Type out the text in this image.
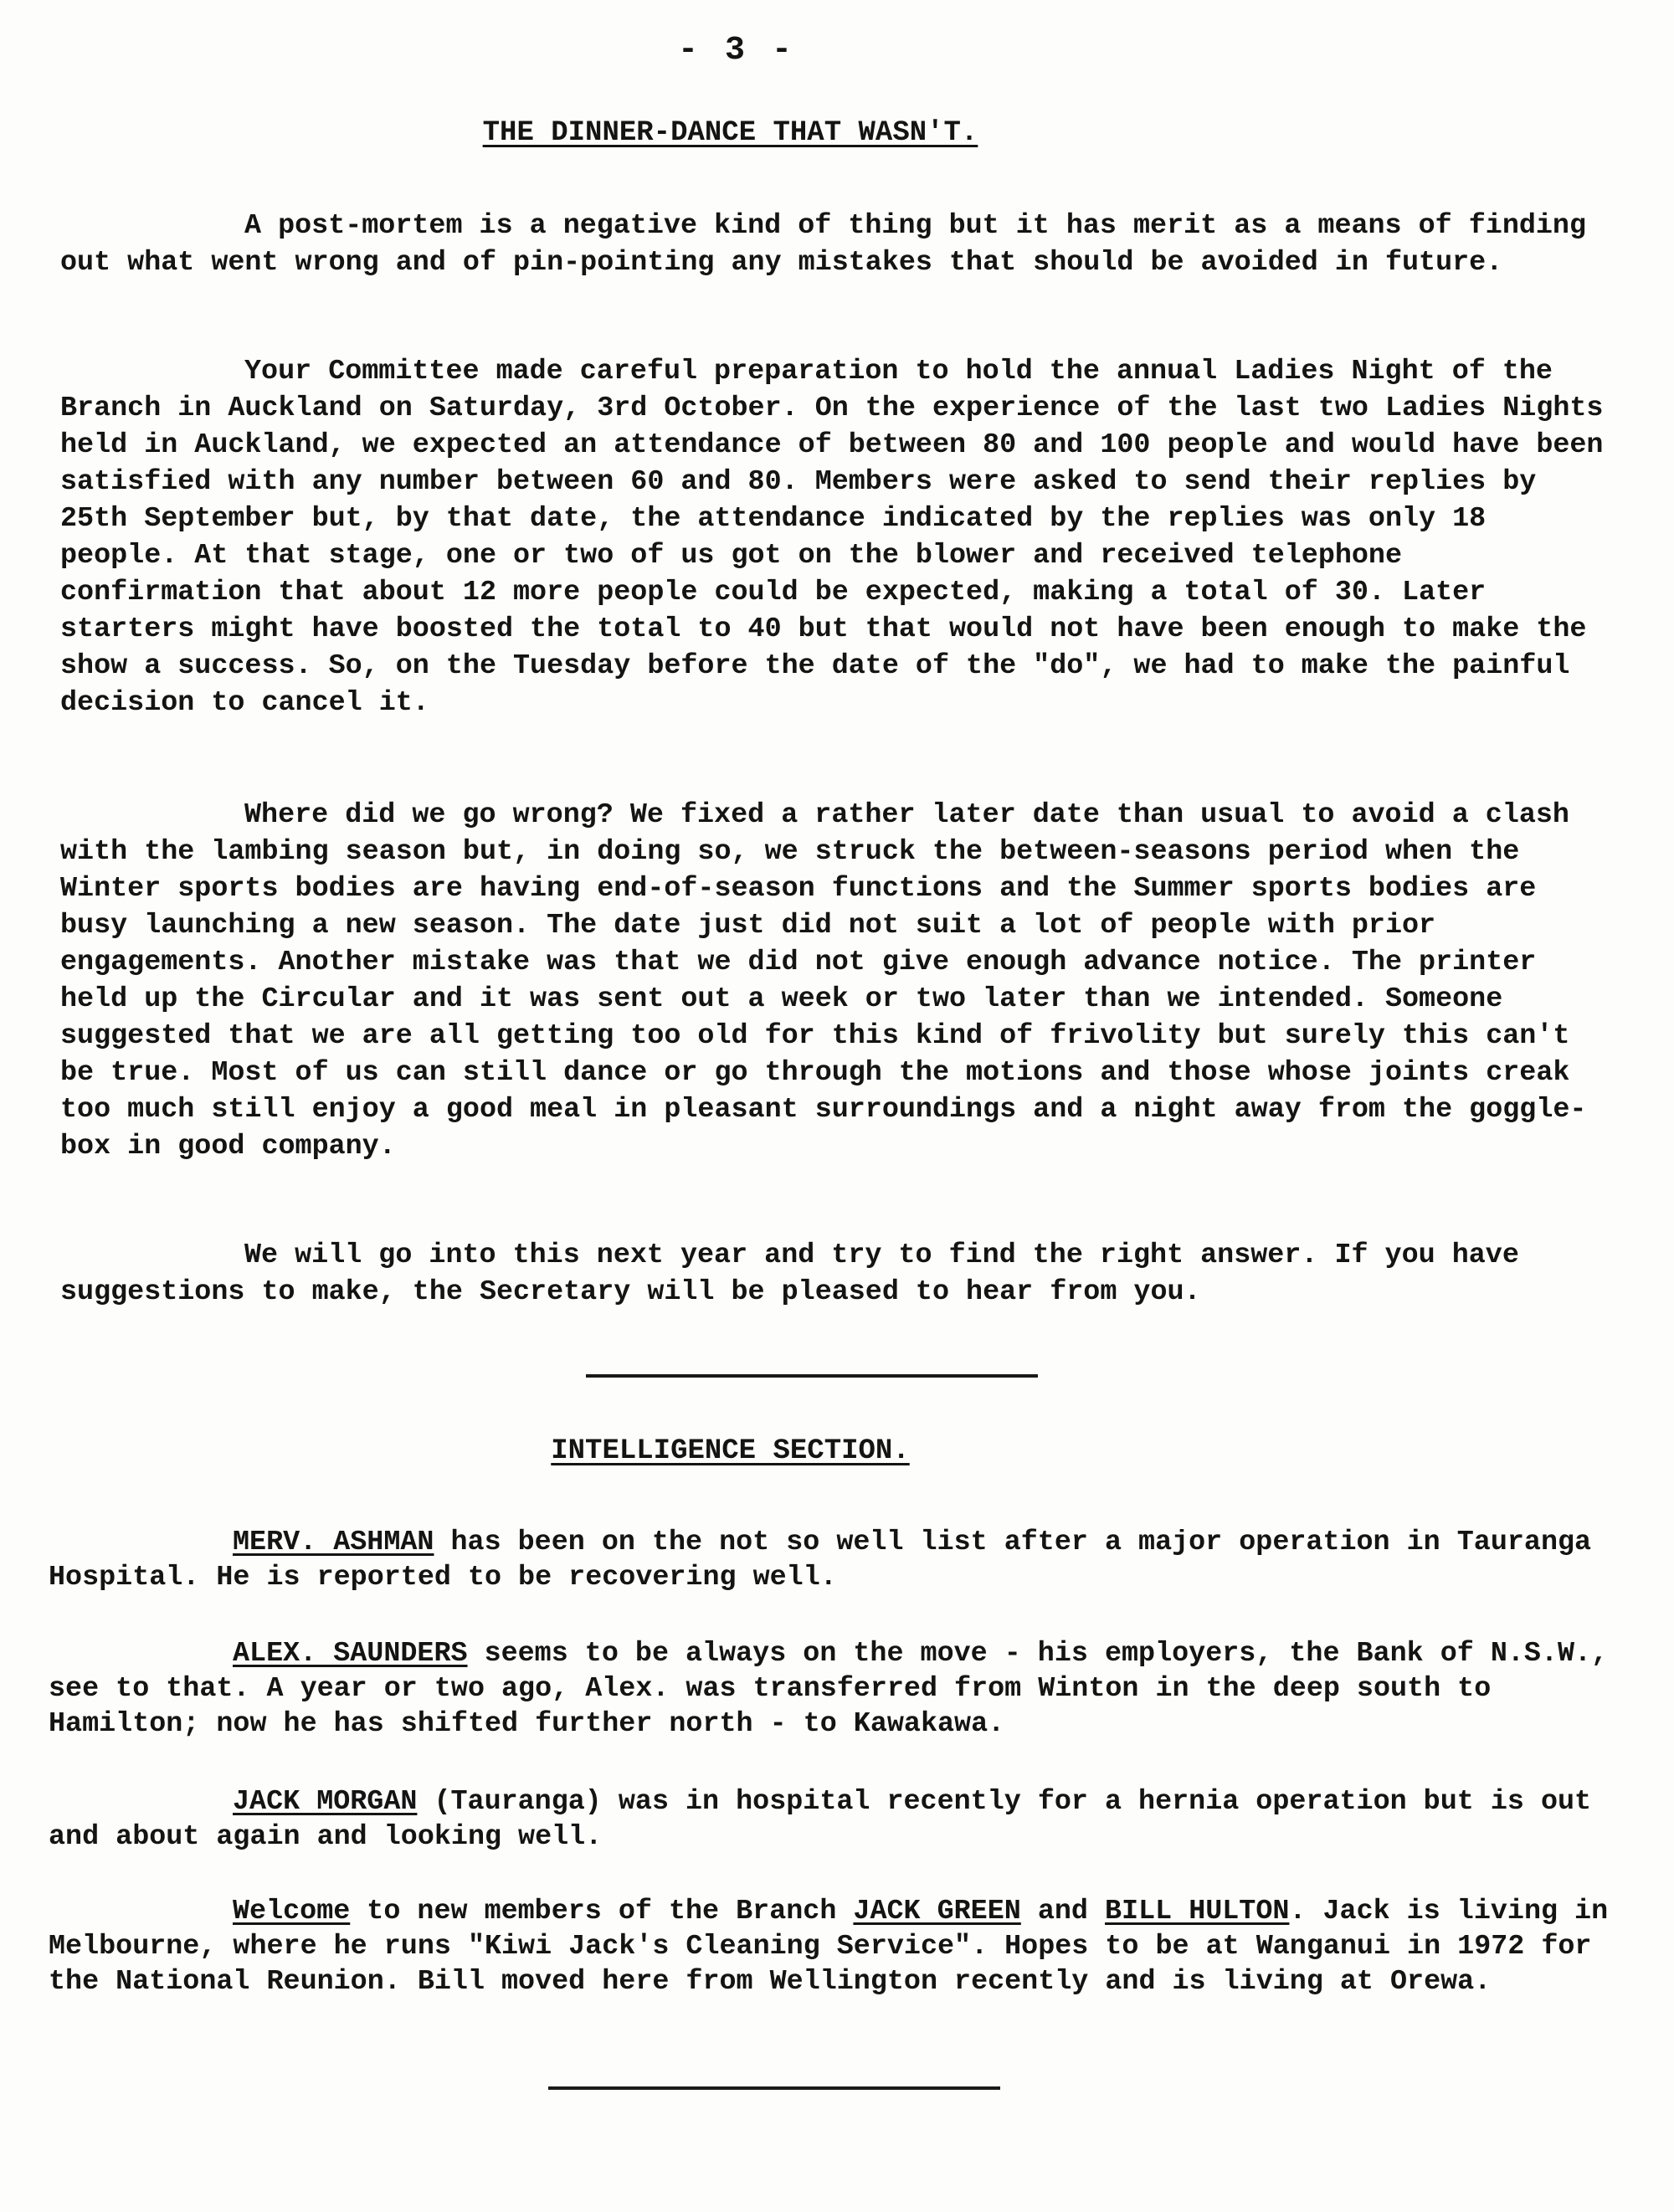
- 3 -
THE DINNER-DANCE THAT WASN'T.

A post-mortem is a negative kind of thing but it has merit as a means of finding out what went wrong and of pin-pointing any mistakes that should be avoided in future.

Your Committee made careful preparation to hold the annual Ladies Night of the Branch in Auckland on Saturday, 3rd October. On the experience of the last two Ladies Nights held in Auckland, we expected an attendance of between 80 and 100 people and would have been satisfied with any number between 60 and 80. Members were asked to send their replies by 25th September but, by that date, the attendance indicated by the replies was only 18 people. At that stage, one or two of us got on the blower and received telephone confirmation that about 12 more people could be expected, making a total of 30. Later starters might have boosted the total to 40 but that would not have been enough to make the show a success. So, on the Tuesday before the date of the "do", we had to make the painful decision to cancel it.

Where did we go wrong? We fixed a rather later date than usual to avoid a clash with the lambing season but, in doing so, we struck the between-seasons period when the Winter sports bodies are having end-of-season functions and the Summer sports bodies are busy launching a new season. The date just did not suit a lot of people with prior engagements. Another mistake was that we did not give enough advance notice. The printer held up the Circular and it was sent out a week or two later than we intended. Someone suggested that we are all getting too old for this kind of frivolity but surely this can't be true. Most of us can still dance or go through the motions and those whose joints creak too much still enjoy a good meal in pleasant surroundings and a night away from the goggle-box in good company.

We will go into this next year and try to find the right answer. If you have suggestions to make, the Secretary will be pleased to hear from you.

INTELLIGENCE SECTION.

MERV. ASHMAN has been on the not so well list after a major operation in Tauranga Hospital. He is reported to be recovering well.

ALEX. SAUNDERS seems to be always on the move - his employers, the Bank of N.S.W., see to that. A year or two ago, Alex. was transferred from Winton in the deep south to Hamilton; now he has shifted further north - to Kawakawa.

JACK MORGAN (Tauranga) was in hospital recently for a hernia operation but is out and about again and looking well.

Welcome to new members of the Branch JACK GREEN and BILL HULTON. Jack is living in Melbourne, where he runs "Kiwi Jack's Cleaning Service". Hopes to be at Wanganui in 1972 for the National Reunion. Bill moved here from Wellington recently and is living at Orewa.
